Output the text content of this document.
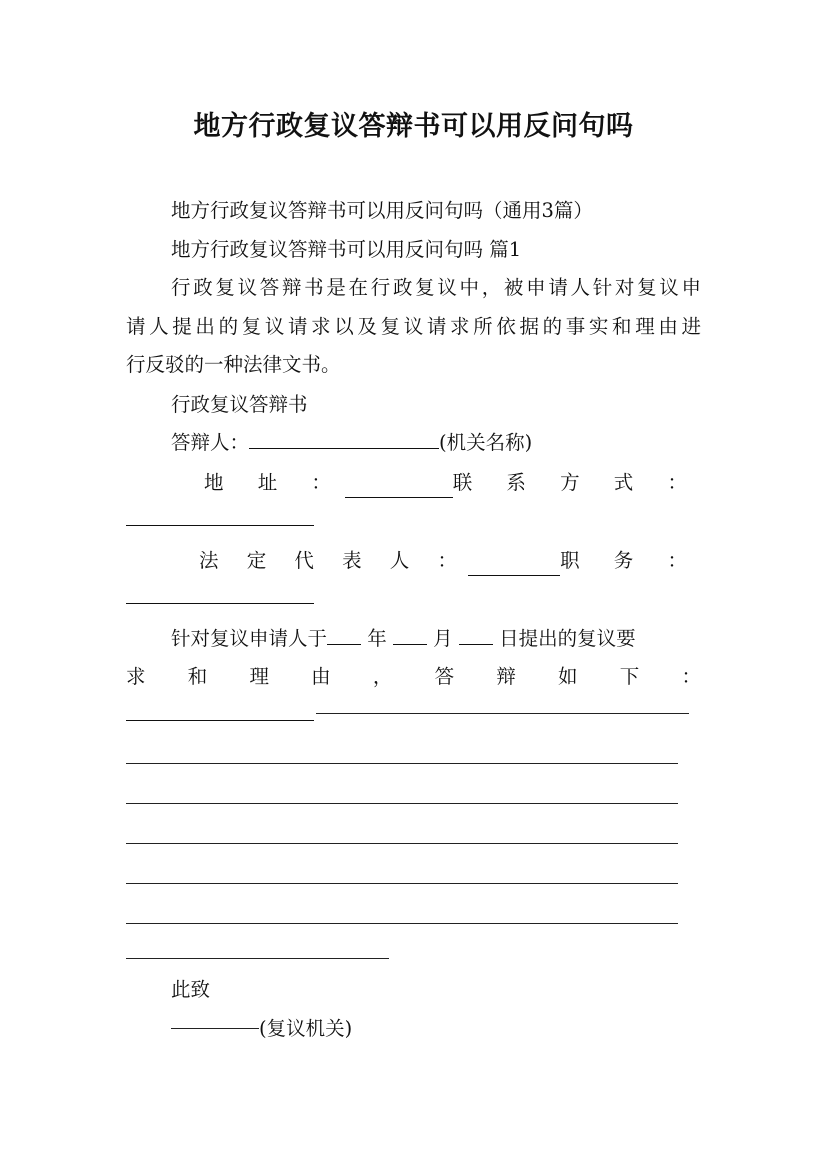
地方行政复议答辩书可以用反问句吗
地方行政复议答辩书可以用反问句吗（通用3篇）
地方行政复议答辩书可以用反问句吗 篇1
行政复议答辩书是在行政复议中，被申请人针对复议申
请人提出的复议请求以及复议请求所依据的事实和理由进
行反驳的一种法律文书。
行政复议答辩书
答辩人：	(机关名称)
地 址 ：	联 系 方 式 ：
法 定 代 表 人 ：	职 务 ：
针对复议申请人于 年 月 日提出的复议要
求 和 理 由 ， 答 辩 如 下 ：
此致
(复议机关)
